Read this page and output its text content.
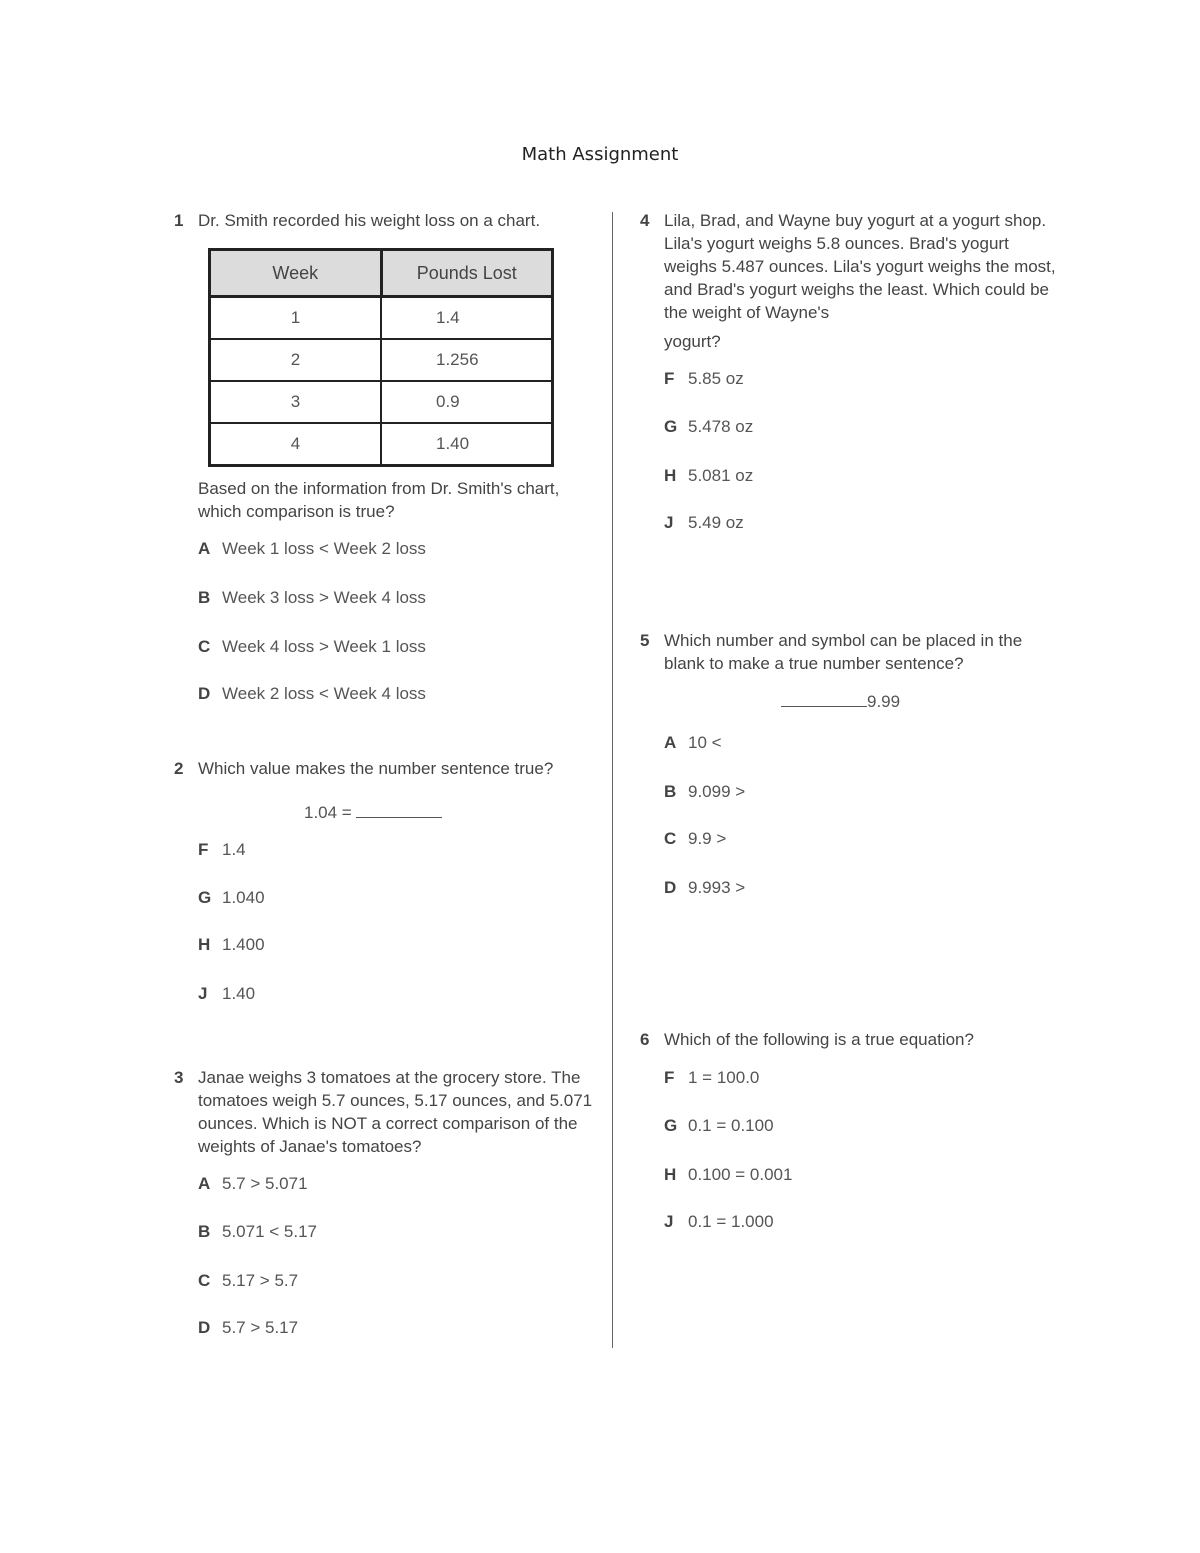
Math Assignment
1 Dr. Smith recorded his weight loss on a chart.
Week	Pounds Lost
1	1.4
2	1.256
3	0.9
4	1.40
Based on the information from Dr. Smith's chart, which comparison is true?
A Week 1 loss < Week 2 loss
B Week 3 loss > Week 4 loss
C Week 4 loss > Week 1 loss
D Week 2 loss < Week 4 loss
2 Which value makes the number sentence true?
1.04 =
F 1.4
G 1.040
H 1.400
J 1.40
3 Janae weighs 3 tomatoes at the grocery store. The tomatoes weigh 5.7 ounces, 5.17 ounces, and 5.071 ounces. Which is NOT a correct comparison of the weights of Janae's tomatoes?
A 5.7 > 5.071
B 5.071 < 5.17
C 5.17 > 5.7
D 5.7 > 5.17
4 Lila, Brad, and Wayne buy yogurt at a yogurt shop. Lila's yogurt weighs 5.8 ounces. Brad's yogurt weighs 5.487 ounces. Lila's yogurt weighs the most, and Brad's yogurt weighs the least. Which could be the weight of Wayne's
yogurt?
F 5.85 oz
G 5.478 oz
H 5.081 oz
J 5.49 oz
5 Which number and symbol can be placed in the blank to make a true number sentence?
9.99
A 10 <
B 9.099 >
C 9.9 >
D 9.993 >
6 Which of the following is a true equation?
F 1 = 100.0
G 0.1 = 0.100
H 0.100 = 0.001
J 0.1 = 1.000
